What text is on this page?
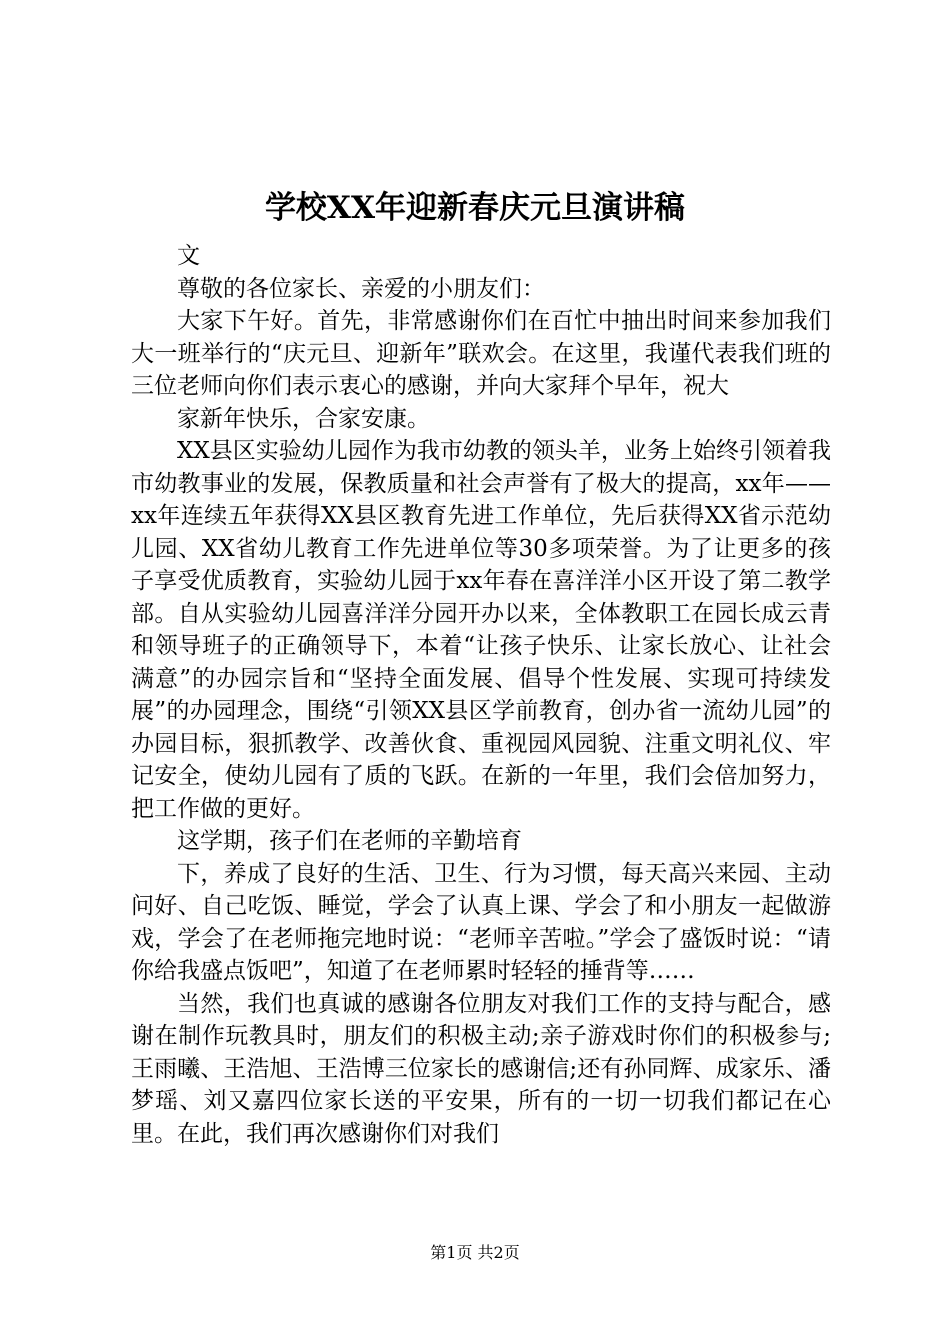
学校XX年迎新春庆元旦演讲稿

文

尊敬的各位家长、亲爱的小朋友们：

大家下午好。首先，非常感谢你们在百忙中抽出时间来参加我们大一班举行的“庆元旦、迎新年”联欢会。在这里，我谨代表我们班的三位老师向你们表示衷心的感谢，并向大家拜个早年，祝大

家新年快乐，合家安康。

XX县区实验幼儿园作为我市幼教的领头羊，业务上始终引领着我市幼教事业的发展，保教质量和社会声誉有了极大的提高，xx年——xx年连续五年获得XX县区教育先进工作单位，先后获得XX省示范幼儿园、XX省幼儿教育工作先进单位等30多项荣誉。为了让更多的孩子享受优质教育，实验幼儿园于xx年春在喜洋洋小区开设了第二教学部。自从实验幼儿园喜洋洋分园开办以来，全体教职工在园长成云青和领导班子的正确领导下，本着“让孩子快乐、让家长放心、让社会满意”的办园宗旨和“坚持全面发展、倡导个性发展、实现可持续发展”的办园理念，围绕“引领XX县区学前教育，创办省一流幼儿园”的办园目标，狠抓教学、改善伙食、重视园风园貌、注重文明礼仪、牢记安全，使幼儿园有了质的飞跃。在新的一年里，我们会倍加努力，把工作做的更好。

这学期，孩子们在老师的辛勤培育

下，养成了良好的生活、卫生、行为习惯，每天高兴来园、主动问好、自己吃饭、睡觉，学会了认真上课、学会了和小朋友一起做游戏，学会了在老师拖完地时说：“老师辛苦啦。”学会了盛饭时说：“请你给我盛点饭吧”，知道了在老师累时轻轻的捶背等……

当然，我们也真诚的感谢各位朋友对我们工作的支持与配合，感谢在制作玩教具时，朋友们的积极主动;亲子游戏时你们的积极参与;王雨曦、王浩旭、王浩博三位家长的感谢信;还有孙同辉、成家乐、潘梦瑶、刘又嘉四位家长送的平安果，所有的一切一切我们都记在心里。在此，我们再次感谢你们对我们

第1页 共2页
